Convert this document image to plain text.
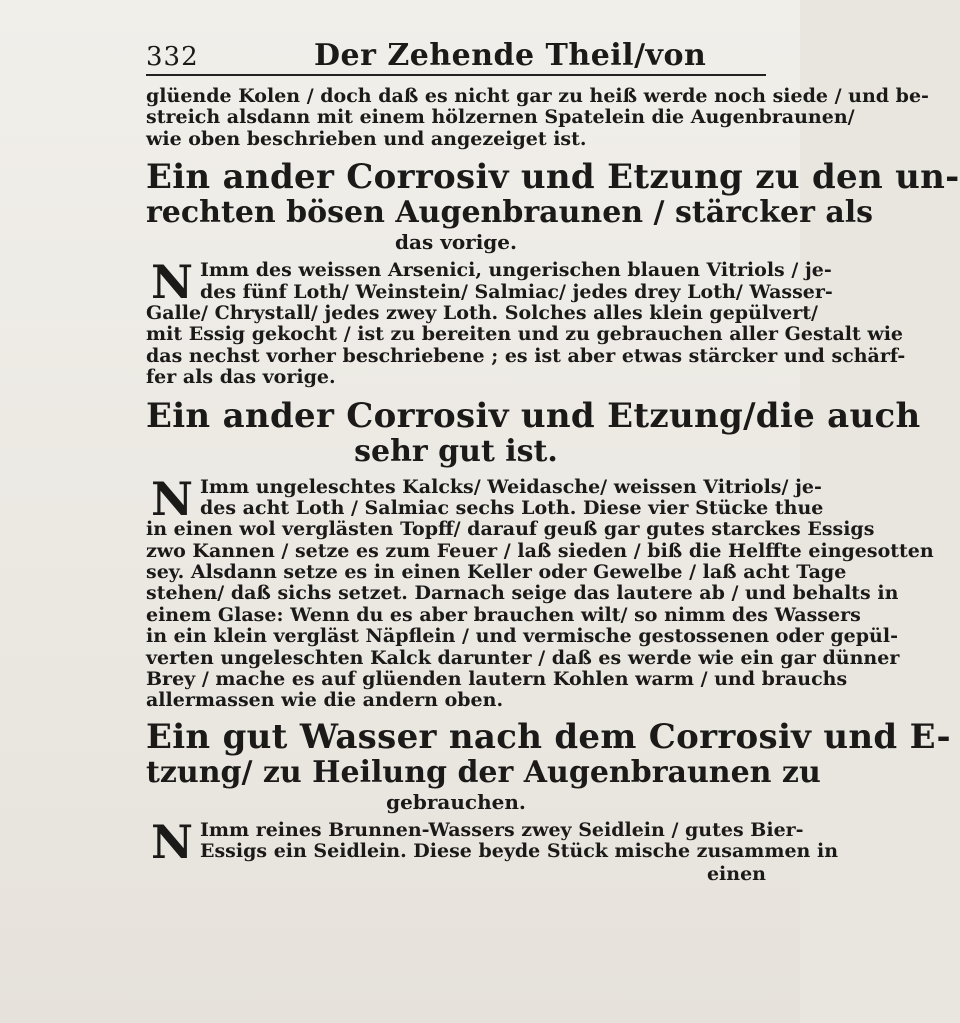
332	Der Zehende Theil/von
glüende Kolen / doch daß es nicht gar zu heiß werde noch siede / und be-
streich alsdann mit einem hölzernen Spatelein die Augenbraunen/
wie oben beschrieben und angezeiget ist.
Ein ander Corrosiv und Etzung zu den un-
rechten bösen Augenbraunen / stärcker als
das vorige.
N Imm des weissen Arsenici, ungerischen blauen Vitriols / je-
des fünf Loth/ Weinstein/ Salmiac/ jedes drey Loth/ Wasser-
Galle/ Chrystall/ jedes zwey Loth. Solches alles klein gepülvert/
mit Essig gekocht / ist zu bereiten und zu gebrauchen aller Gestalt wie
das nechst vorher beschriebene ; es ist aber etwas stärcker und schärf-
fer als das vorige.
Ein ander Corrosiv und Etzung/die auch
sehr gut ist.
N Imm ungeleschtes Kalcks/ Weidasche/ weissen Vitriols/ je-
des acht Loth / Salmiac sechs Loth. Diese vier Stücke thue
in einen wol verglästen Topff/ darauf geuß gar gutes starckes Essigs
zwo Kannen / setze es zum Feuer / laß sieden / biß die Helffte eingesotten
sey. Alsdann setze es in einen Keller oder Gewelbe / laß acht Tage
stehen/ daß sichs setzet. Darnach seige das lautere ab / und behalts in
einem Glase: Wenn du es aber brauchen wilt/ so nimm des Wassers
in ein klein vergläst Näpflein / und vermische gestossenen oder gepül-
verten ungeleschten Kalck darunter / daß es werde wie ein gar dünner
Brey / mache es auf glüenden lautern Kohlen warm / und brauchs
allermassen wie die andern oben.
Ein gut Wasser nach dem Corrosiv und E-
tzung/ zu Heilung der Augenbraunen zu
gebrauchen.
N Imm reines Brunnen-Wassers zwey Seidlein / gutes Bier-
Essigs ein Seidlein. Diese beyde Stück mische zusammen in
einen
